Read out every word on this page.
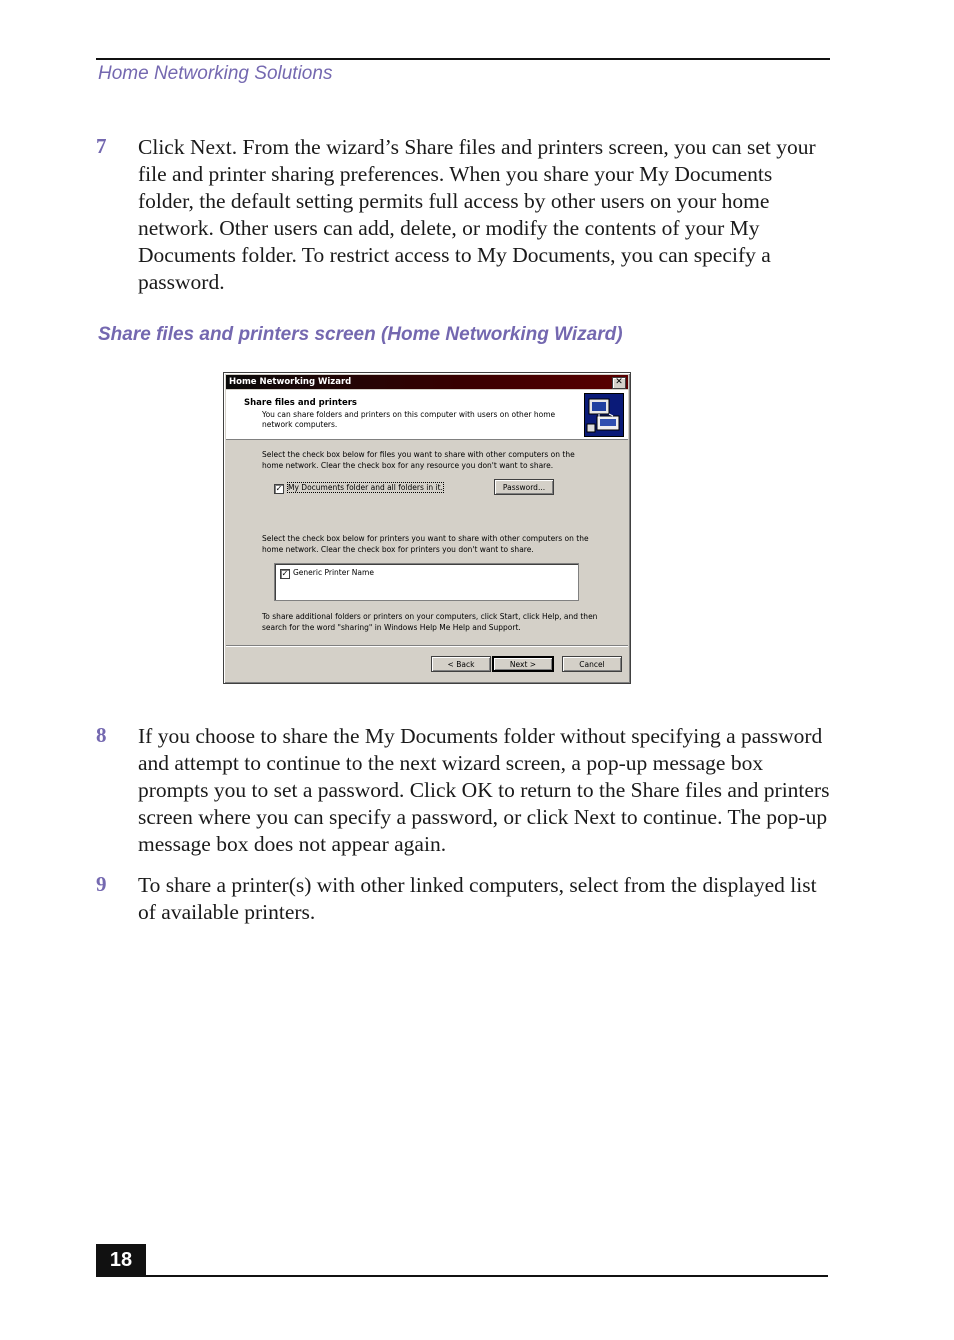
Home Networking Solutions
7	Click Next. From the wizard’s Share files and printers screen, you can set your file and printer sharing preferences. When you share your My Documents folder, the default setting permits full access by other users on your home network. Other users can add, delete, or modify the contents of your My Documents folder. To restrict access to My Documents, you can specify a password.
Share files and printers screen (Home Networking Wizard)
Home Networking Wizard	✕
Share files and printers
You can share folders and printers on this computer with users on other home network computers.
Select the check box below for files you want to share with other computers on the home network. Clear the check box for any resource you don't want to share.
✓ My Documents folder and all folders in it.	Password...
Select the check box below for printers you want to share with other computers on the home network. Clear the check box for printers you don't want to share.
✓ Generic Printer Name
To share additional folders or printers on your computers, click Start, click Help, and then search for the word "sharing" in Windows Help Me Help and Support.
< Back	Next >	Cancel
8	If you choose to share the My Documents folder without specifying a password and attempt to continue to the next wizard screen, a pop-up message box prompts you to set a password. Click OK to return to the Share files and printers screen where you can specify a password, or click Next to continue. The pop-up message box does not appear again.
9	To share a printer(s) with other linked computers, select from the displayed list of available printers.
18
